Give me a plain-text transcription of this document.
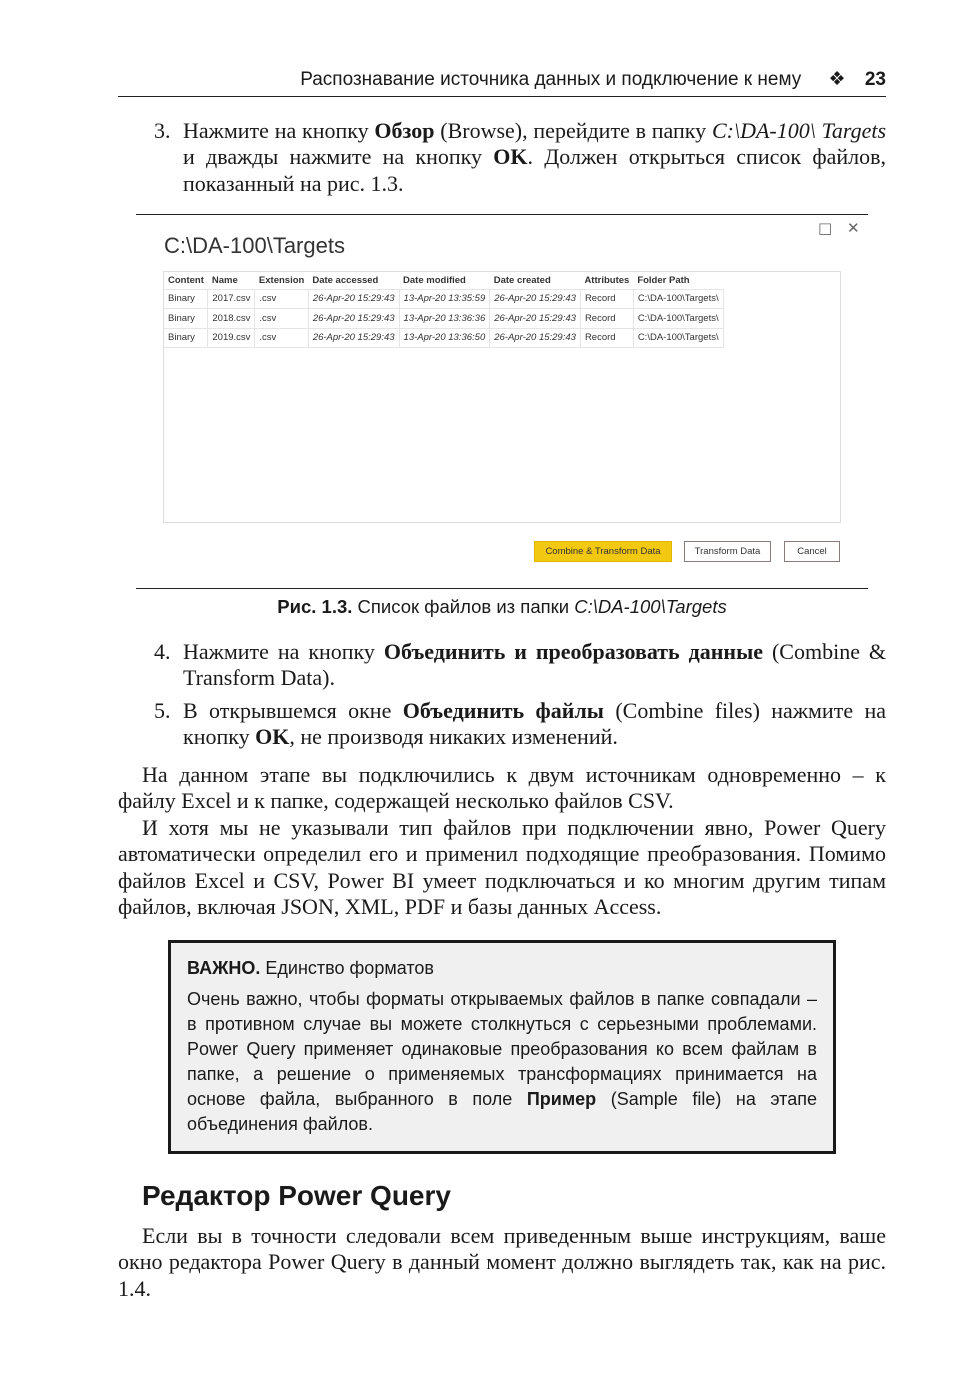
Распознавание источника данных и подключение к нему ❖ 23
3. Нажмите на кнопку Обзор (Browse), перейдите в папку C:\DA-100\ Targets и дважды нажмите на кнопку OK. Должен открыться список файлов, показанный на рис. 1.3.
□ ✕
C:\DA-100\Targets
Content	Name	Extension	Date accessed	Date modified	Date created	Attributes	Folder Path
Binary	2017.csv	.csv	26-Apr-20 15:29:43	13-Apr-20 13:35:59	26-Apr-20 15:29:43	Record	C:\DA-100\Targets\
Binary	2018.csv	.csv	26-Apr-20 15:29:43	13-Apr-20 13:36:36	26-Apr-20 15:29:43	Record	C:\DA-100\Targets\
Binary	2019.csv	.csv	26-Apr-20 15:29:43	13-Apr-20 13:36:50	26-Apr-20 15:29:43	Record	C:\DA-100\Targets\
Combine & Transform Data	Transform Data	Cancel
Рис. 1.3. Список файлов из папки C:\DA-100\Targets
4. Нажмите на кнопку Объединить и преобразовать данные (Combine & Transform Data).
5. В открывшемся окне Объединить файлы (Combine files) нажмите на кнопку OK, не производя никаких изменений.

На данном этапе вы подключились к двум источникам одновременно – к файлу Excel и к папке, содержащей несколько файлов CSV.

И хотя мы не указывали тип файлов при подключении явно, Power Query автоматически определил его и применил подходящие преобразования. Помимо файлов Excel и CSV, Power BI умеет подключаться и ко многим другим типам файлов, включая JSON, XML, PDF и базы данных Access.

ВАЖНО. Единство форматов
Очень важно, чтобы форматы открываемых файлов в папке совпадали – в противном случае вы можете столкнуться с серьезными проблемами. Power Query применяет одинаковые преобразования ко всем файлам в папке, а решение о применяемых трансформациях принимается на основе файла, выбранного в поле Пример (Sample file) на этапе объединения файлов.
Редактор Power Query

Если вы в точности следовали всем приведенным выше инструкциям, ваше окно редактора Power Query в данный момент должно выглядеть так, как на рис. 1.4.
